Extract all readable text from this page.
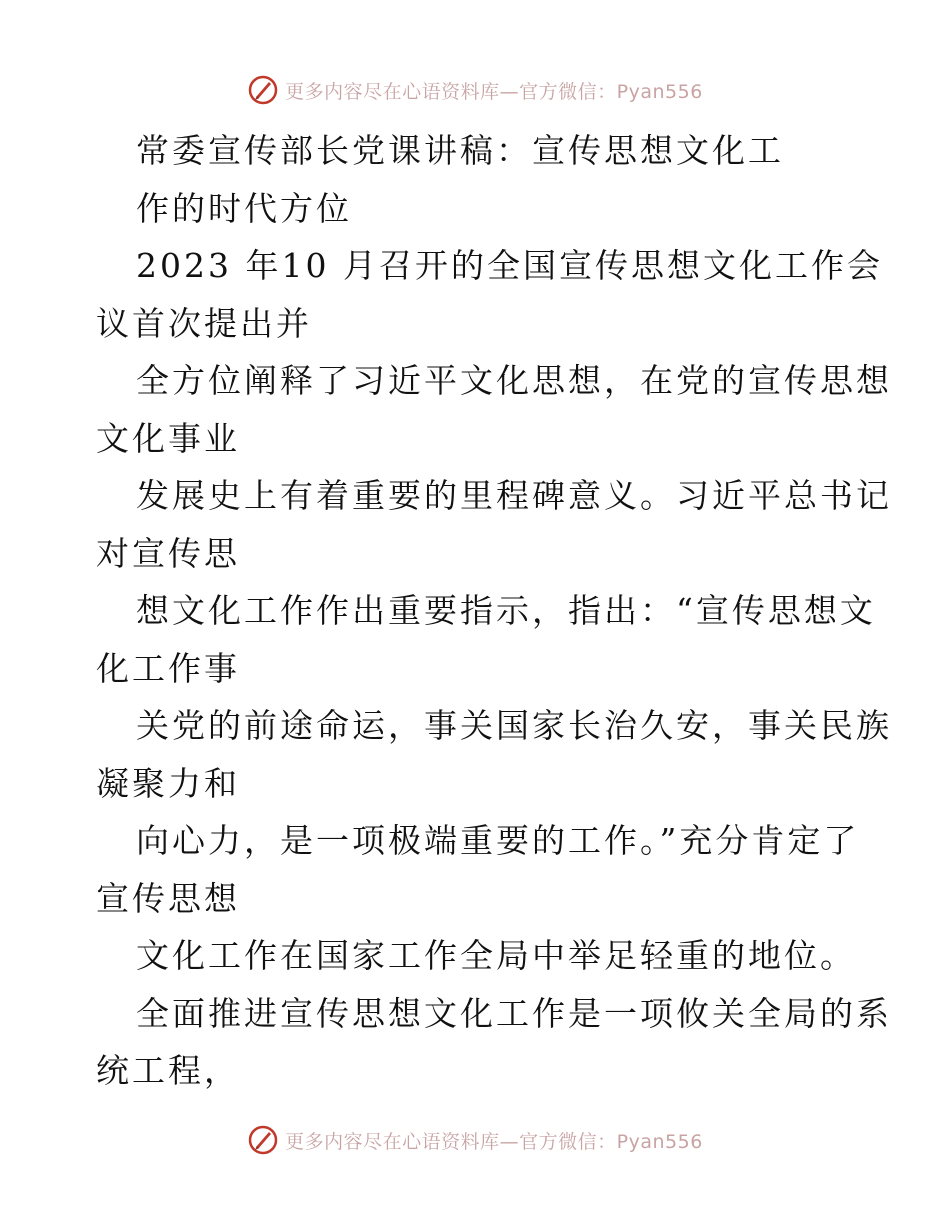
更多内容尽在心语资料库—官方微信：Pyan556
常委宣传部长党课讲稿：宣传思想文化工
作的时代方位
2023 年10 月召开的全国宣传思想文化工作会
议首次提出并
全方位阐释了习近平文化思想，在党的宣传思想
文化事业
发展史上有着重要的里程碑意义。习近平总书记
对宣传思
想文化工作作出重要指示，指出：“宣传思想文
化工作事
关党的前途命运，事关国家长治久安，事关民族
凝聚力和
向心力，是一项极端重要的工作。”充分肯定了
宣传思想
文化工作在国家工作全局中举足轻重的地位。
全面推进宣传思想文化工作是一项攸关全局的系
统工程，
更多内容尽在心语资料库—官方微信：Pyan556
